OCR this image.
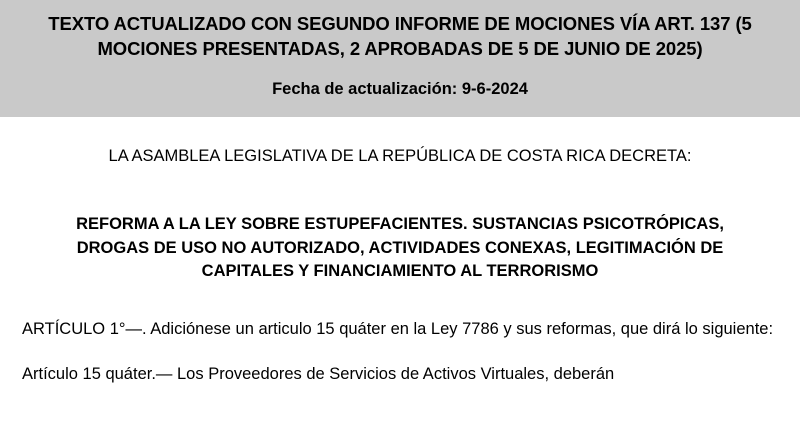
TEXTO ACTUALIZADO CON SEGUNDO INFORME DE MOCIONES VÍA ART. 137 (5 MOCIONES PRESENTADAS, 2 APROBADAS DE 5 DE JUNIO DE 2025)
Fecha de actualización: 9-6-2024
LA ASAMBLEA LEGISLATIVA DE LA REPÚBLICA DE COSTA RICA DECRETA:
REFORMA A LA LEY SOBRE ESTUPEFACIENTES. SUSTANCIAS PSICOTRÓPICAS, DROGAS DE USO NO AUTORIZADO, ACTIVIDADES CONEXAS, LEGITIMACIÓN DE CAPITALES Y FINANCIAMIENTO AL TERRORISMO
ARTÍCULO 1°—. Adiciónese un articulo 15 quáter en la Ley 7786 y sus reformas, que dirá lo siguiente:
Artículo 15 quáter.— Los Proveedores de Servicios de Activos Virtuales, deberán
